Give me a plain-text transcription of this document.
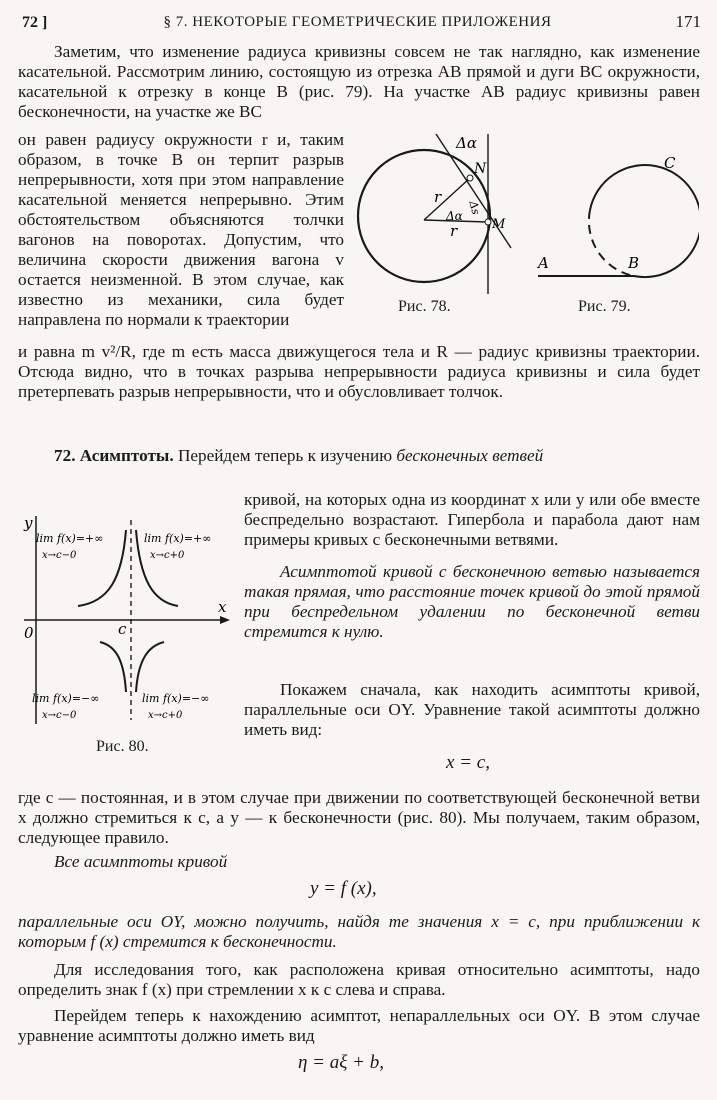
72 ]	§ 7. НЕКОТОРЫЕ ГЕОМЕТРИЧЕСКИЕ ПРИЛОЖЕНИЯ	171

Заметим, что изменение радиуса кривизны совсем не так наглядно, как изменение касательной. Рассмотрим линию, состоящую из отрезка AB прямой и дуги BC окружности, касательной к отрезку в конце B (рис. 79). На участке AB радиус кривизны равен бесконечности, на участке же BC

он равен радиусу окружности r и, таким образом, в точке B он терпит разрыв непрерывности, хотя при этом направление касательной меняется непрерывно. Этим обстоятельством объясняются толчки вагонов на поворотах. Допустим, что величина скорости движения вагона v остается неизменной. В этом случае, как известно из механики, сила будет направлена по нормали к траектории

и равна m v²/R, где m есть масса движущегося тела и R — радиус кривизны траектории. Отсюда видно, что в точках разрыва непрерывности радиуса кривизны и сила будет претерпевать разрыв непрерывности, что и обусловливает толчок.

Δα
N
M
r
r
Δα Δs
Рис. 78.
A	B
C
Рис. 79.

72. Асимптоты. Перейдем теперь к изучению бесконечных ветвей

кривой, на которых одна из координат x или y или обе вместе беспредельно возрастают. Гипербола и парабола дают нам примеры кривых с бесконечными ветвями.

y
x
0	c
lim f(x)=+∞
x→c−0
lim f(x)=+∞
x→c+0
lim f(x)=−∞
x→c−0
lim f(x)=−∞
x→c+0
Рис. 80.

Асимптотой кривой с бесконечною ветвью называется такая прямая, что расстояние точек кривой до этой прямой при беспредельном удалении по бесконечной ветви стремится к нулю.

Покажем сначала, как находить асимптоты кривой, параллельные оси OY. Уравнение такой асимптоты должно иметь вид:

x = c,

где c — постоянная, и в этом случае при движении по соответствующей бесконечной ветви x должно стремиться к c, а y — к бесконечности (рис. 80). Мы получаем, таким образом, следующее правило.

Все асимптоты кривой

y = f (x),

параллельные оси OY, можно получить, найдя те значения x = c, при приближении к которым f (x) стремится к бесконечности.

Для исследования того, как расположена кривая относительно асимптоты, надо определить знак f (x) при стремлении x к c слева и справа.

Перейдем теперь к нахождению асимптот, непараллельных оси OY. В этом случае уравнение асимптоты должно иметь вид

η = aξ + b,
